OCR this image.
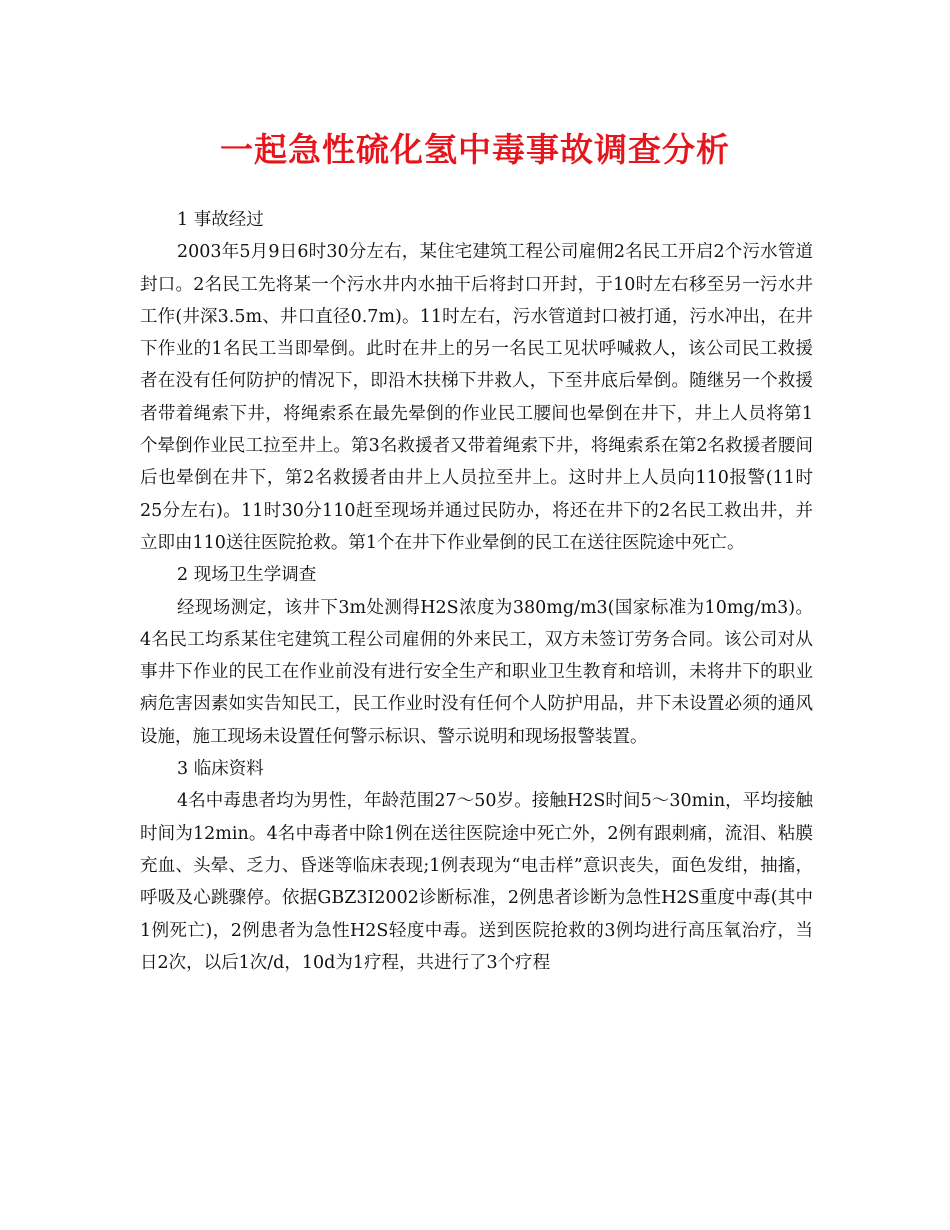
一起急性硫化氢中毒事故调查分析

1 事故经过

2003年5月9日6时30分左右，某住宅建筑工程公司雇佣2名民工开启2个污水管道封口。2名民工先将某一个污水井内水抽干后将封口开封，于10时左右移至另一污水井工作(井深3.5m、井口直径0.7m)。11时左右，污水管道封口被打通，污水冲出，在井下作业的1名民工当即晕倒。此时在井上的另一名民工见状呼喊救人，该公司民工救援者在没有任何防护的情况下，即沿木扶梯下井救人，下至井底后晕倒。随继另一个救援者带着绳索下井，将绳索系在最先晕倒的作业民工腰间也晕倒在井下，井上人员将第1个晕倒作业民工拉至井上。第3名救援者又带着绳索下井，将绳索系在第2名救援者腰间后也晕倒在井下，第2名救援者由井上人员拉至井上。这时井上人员向110报警(11时25分左右)。11时30分110赶至现场并通过民防办，将还在井下的2名民工救出井，并立即由110送往医院抢救。第1个在井下作业晕倒的民工在送往医院途中死亡。

2 现场卫生学调查

经现场测定，该井下3m处测得H2S浓度为380mg/m3(国家标准为10mg/m3)。4名民工均系某住宅建筑工程公司雇佣的外来民工，双方未签订劳务合同。该公司对从事井下作业的民工在作业前没有进行安全生产和职业卫生教育和培训，未将井下的职业病危害因素如实告知民工，民工作业时没有任何个人防护用品，井下未设置必须的通风设施，施工现场未设置任何警示标识、警示说明和现场报警装置。

3 临床资料

4名中毒患者均为男性，年龄范围27～50岁。接触H2S时间5～30min，平均接触时间为12min。4名中毒者中除1例在送往医院途中死亡外，2例有跟刺痛，流泪、粘膜充血、头晕、乏力、昏迷等临床表现;1例表现为“电击样”意识丧失，面色发绀，抽搐，呼吸及心跳骤停。依据GBZ3I2002诊断标准，2例患者诊断为急性H2S重度中毒(其中1例死亡)，2例患者为急性H2S轻度中毒。送到医院抢救的3例均进行高压氧治疗，当日2次，以后1次/d，10d为1疗程，共进行了3个疗程
